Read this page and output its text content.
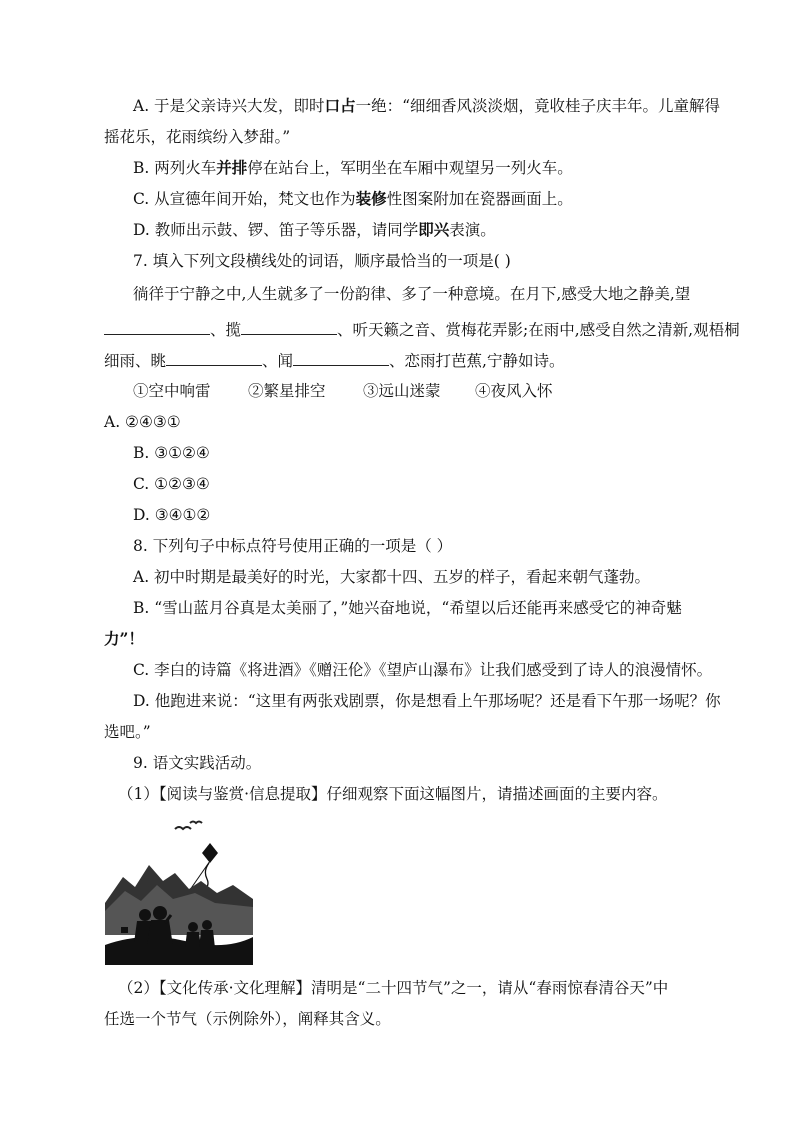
A. 于是父亲诗兴大发，即时口占一绝：“细细香风淡淡烟，竟收桂子庆丰年。儿童解得
摇花乐，花雨缤纷入梦甜。”
B. 两列火车并排停在站台上，军明坐在车厢中观望另一列火车。
C. 从宣德年间开始，梵文也作为装修性图案附加在瓷器画面上。
D. 教师出示鼓、锣、笛子等乐器，请同学即兴表演。
7. 填入下列文段横线处的词语，顺序最恰当的一项是( )
徜徉于宁静之中,人生就多了一份韵律、多了一种意境。在月下,感受大地之静美,望
、揽	、听天籁之音、赏梅花弄影;在雨中,感受自然之清新,观梧桐
细雨、眺	、闻	、恋雨打芭蕉,宁静如诗。
①空中响雷 ②繁星排空 ③远山迷蒙 ④夜风入怀
A. ②④③①
B. ③①②④
C. ①②③④
D. ③④①②
8. 下列句子中标点符号使用正确的一项是（ ）
A. 初中时期是最美好的时光，大家都十四、五岁的样子，看起来朝气蓬勃。
B. “雪山蓝月谷真是太美丽了，”她兴奋地说，“希望以后还能再来感受它的神奇魅
力”！
C. 李白的诗篇《将进酒》《赠汪伦》《望庐山瀑布》让我们感受到了诗人的浪漫情怀。
D. 他跑进来说：“这里有两张戏剧票，你是想看上午那场呢？还是看下午那一场呢？你
选吧。”
9. 语文实践活动。
（1）【阅读与鉴赏·信息提取】仔细观察下面这幅图片，请描述画面的主要内容。
（2）【文化传承·文化理解】清明是“二十四节气”之一，请从“春雨惊春清谷天”中
任选一个节气（示例除外），阐释其含义。
